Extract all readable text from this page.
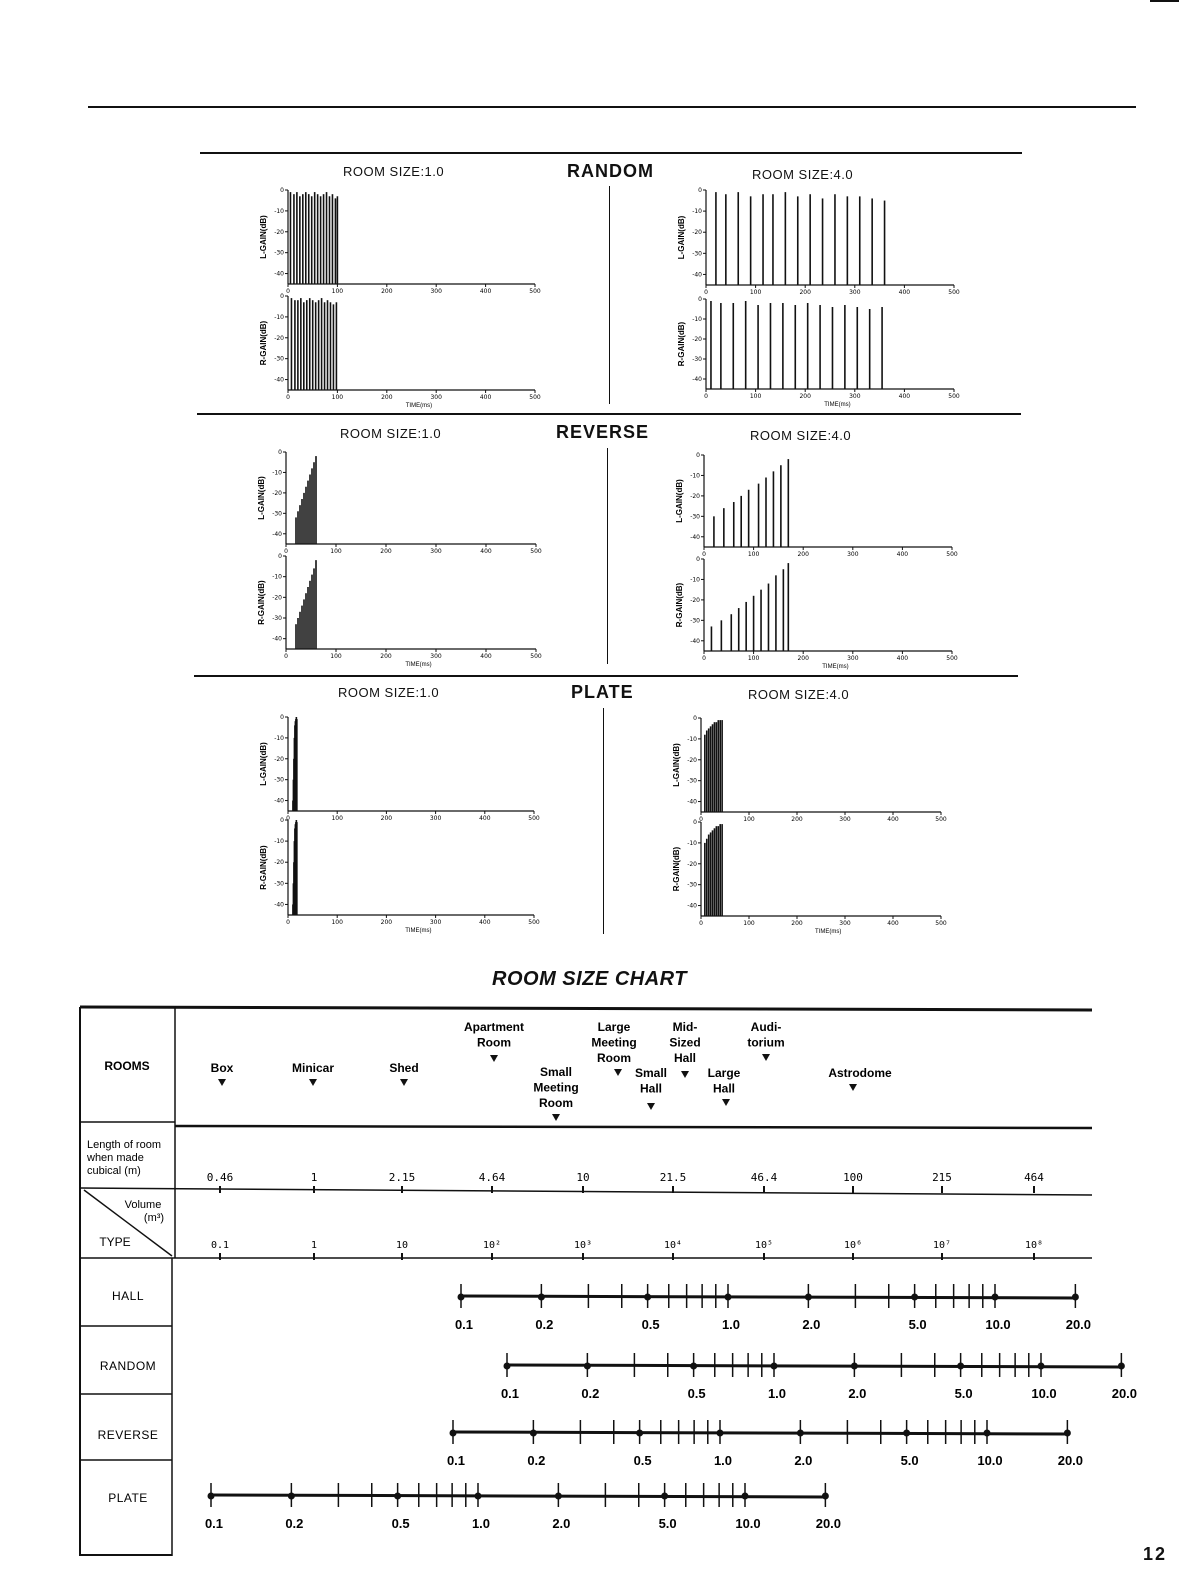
RANDOM
ROOM SIZE:1.0	ROOM SIZE:4.0
REVERSE
ROOM SIZE:1.0	ROOM SIZE:4.0
PLATE
ROOM SIZE:1.0	ROOM SIZE:4.0
0
-10
-20
-30
-40
0	100	200	300	400	500
L-GAIN(dB)
0
-10
-20
-30
-40
0	100	200	300	400	500
R-GAIN(dB)
TIME(ms)
0
-10
-20
-30
-40
0	100	200	300	400	500
L-GAIN(dB)
0
-10
-20
-30
-40
0	100	200	300	400	500
R-GAIN(dB)
TIME(ms)
0
-10
-20
-30
-40
0	100	200	300	400	500
L-GAIN(dB)
0
-10
-20
-30
-40
0	100	200	300	400	500
R-GAIN(dB)
TIME(ms)
0
-10
-20
-30
-40
0	100	200	300	400	500
L-GAIN(dB)
0
-10
-20
-30
-40
0	100	200	300	400	500
R-GAIN(dB)
TIME(ms)
0
-10
-20
-30
-40
0	100	200	300	400	500
L-GAIN(dB)
0
-10
-20
-30
-40
0	100	200	300	400	500
R-GAIN(dB)
TIME(ms)
0
-10
-20
-30
-40
0	100	200	300	400	500
L-GAIN(dB)
0
-10
-20
-30
-40
0	100	200	300	400	500
R-GAIN(dB)
TIME(ms)
ROOM SIZE CHART
ROOMS
Length of room
when made
cubical (m)
Volume
(m³)
TYPE
Box	Minicar	Shed
Apartment
Room
Small
Meeting
Room
Large
Meeting
Room
Small
Hall
Mid-
Sized
Hall
Large
Hall
Audi-
torium
Astrodome
0.46	1	2.15	4.64	10	21.5	46.4	100	215	464
0.1	1	10	10²	10³	10⁴	10⁵	10⁶	10⁷	10⁸
0.1	0.2	0.5	1.0	2.0	5.0	10.0	20.0
HALL
0.1	0.2	0.5	1.0	2.0	5.0	10.0	20.0
RANDOM
0.1	0.2	0.5	1.0	2.0	5.0	10.0	20.0
REVERSE
0.1	0.2	0.5	1.0	2.0	5.0	10.0	20.0
PLATE
12
